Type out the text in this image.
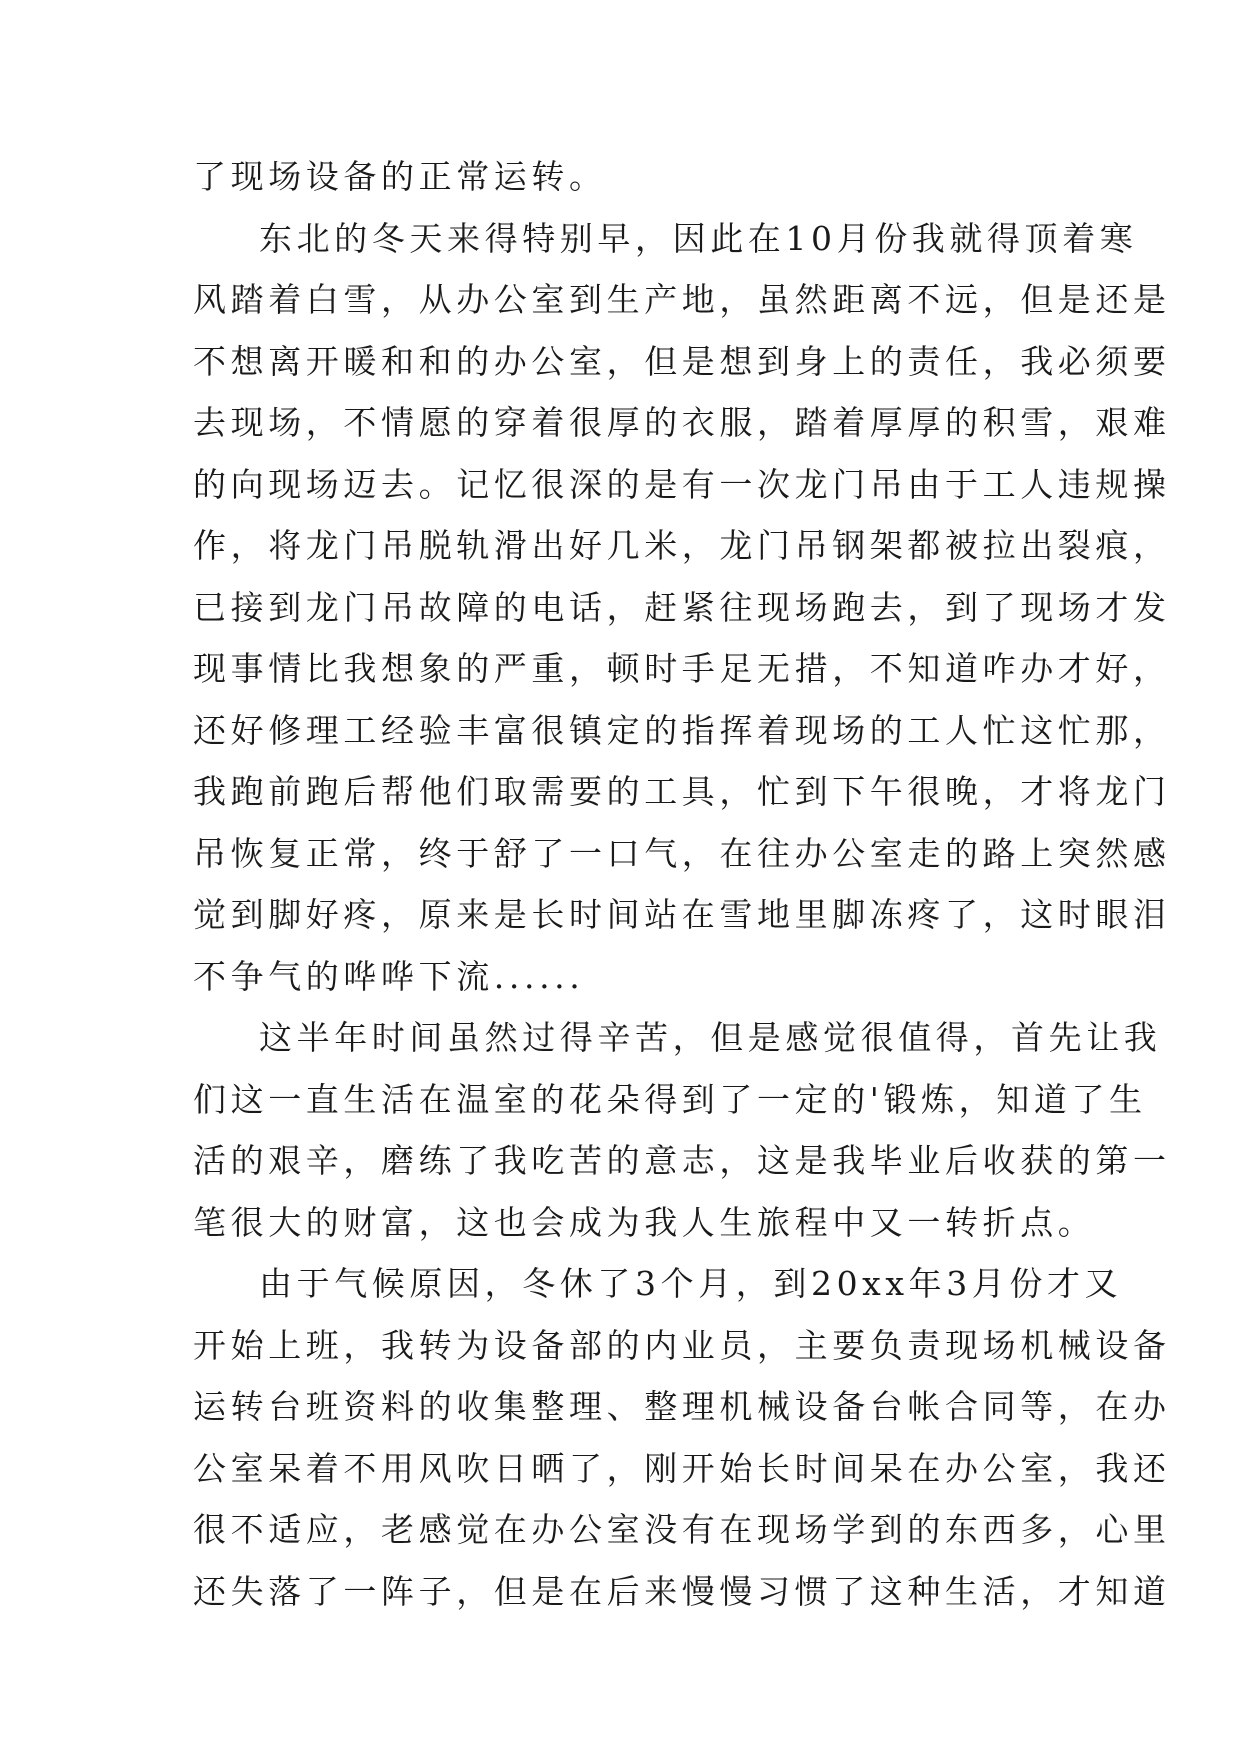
了现场设备的正常运转。
东北的冬天来得特别早，因此在10月份我就得顶着寒
风踏着白雪，从办公室到生产地，虽然距离不远，但是还是
不想离开暖和和的办公室，但是想到身上的责任，我必须要
去现场，不情愿的穿着很厚的衣服，踏着厚厚的积雪，艰难
的向现场迈去。记忆很深的是有一次龙门吊由于工人违规操
作，将龙门吊脱轨滑出好几米，龙门吊钢架都被拉出裂痕，
已接到龙门吊故障的电话，赶紧往现场跑去，到了现场才发
现事情比我想象的严重，顿时手足无措，不知道咋办才好，
还好修理工经验丰富很镇定的指挥着现场的工人忙这忙那，
我跑前跑后帮他们取需要的工具，忙到下午很晚，才将龙门
吊恢复正常，终于舒了一口气，在往办公室走的路上突然感
觉到脚好疼，原来是长时间站在雪地里脚冻疼了，这时眼泪
不争气的哗哗下流......
这半年时间虽然过得辛苦，但是感觉很值得，首先让我
们这一直生活在温室的花朵得到了一定的'锻炼，知道了生
活的艰辛，磨练了我吃苦的意志，这是我毕业后收获的第一
笔很大的财富，这也会成为我人生旅程中又一转折点。
由于气候原因，冬休了3个月，到20xx年3月份才又
开始上班，我转为设备部的内业员，主要负责现场机械设备
运转台班资料的收集整理、整理机械设备台帐合同等，在办
公室呆着不用风吹日晒了，刚开始长时间呆在办公室，我还
很不适应，老感觉在办公室没有在现场学到的东西多，心里
还失落了一阵子，但是在后来慢慢习惯了这种生活，才知道
